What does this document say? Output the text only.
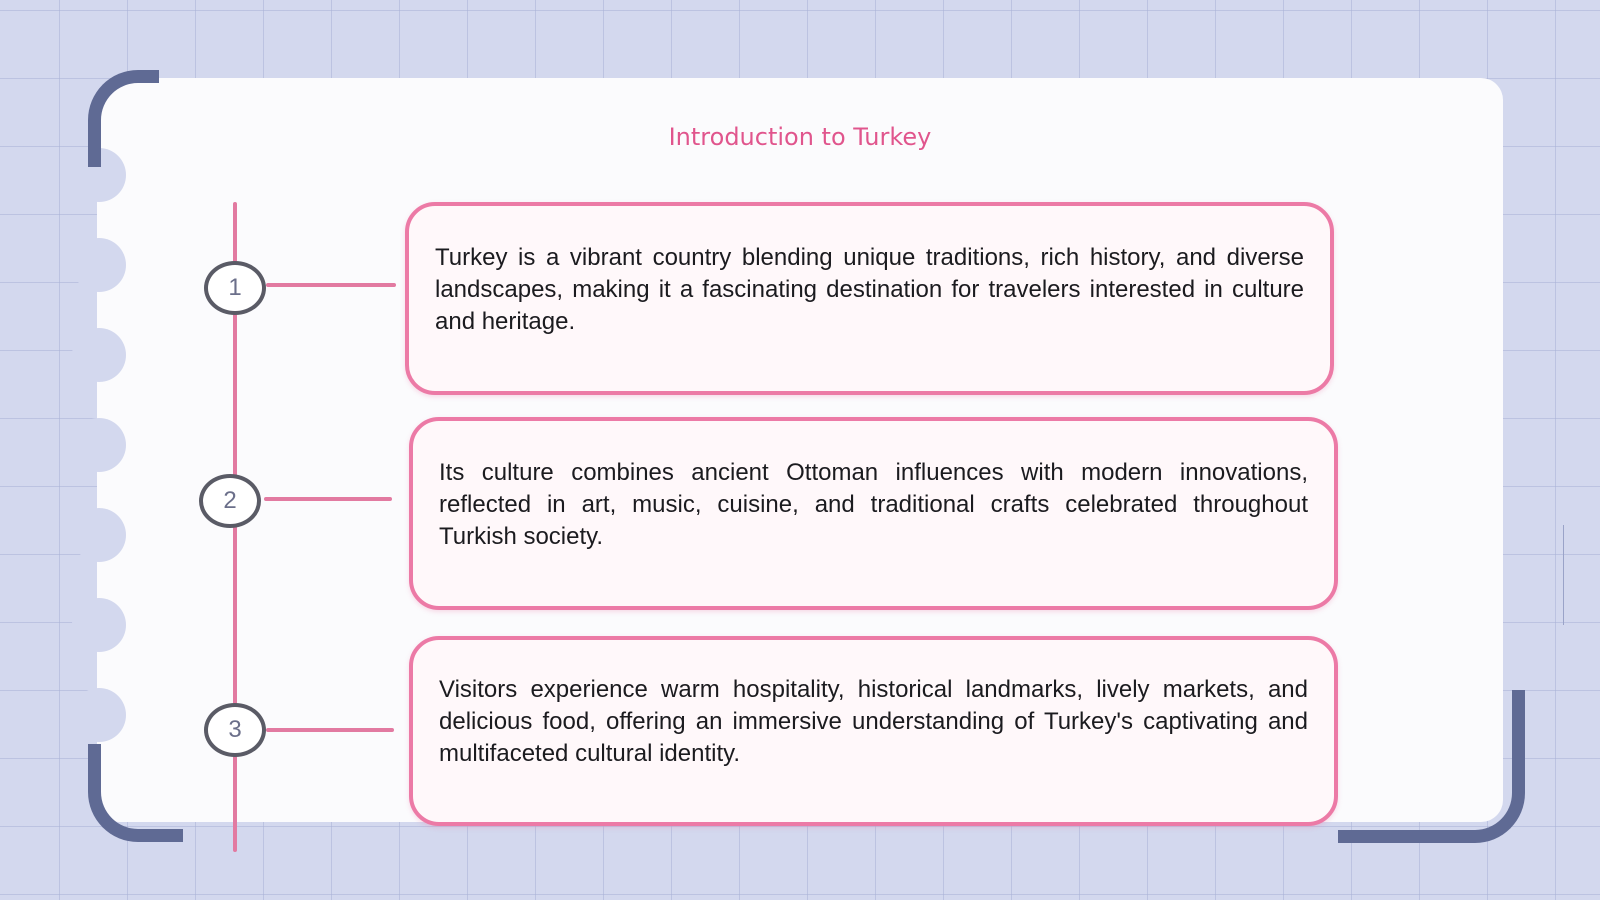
Introduction to Turkey
1
2
3

Turkey is a vibrant country blending unique traditions, rich history, and diverse landscapes, making it a fascinating destination for travelers interested in culture and heritage.

Its culture combines ancient Ottoman influences with modern innovations, reflected in art, music, cuisine, and traditional crafts celebrated throughout Turkish society.

Visitors experience warm hospitality, historical landmarks, lively markets, and delicious food, offering an immersive understanding of Turkey's captivating and multifaceted cultural identity.
